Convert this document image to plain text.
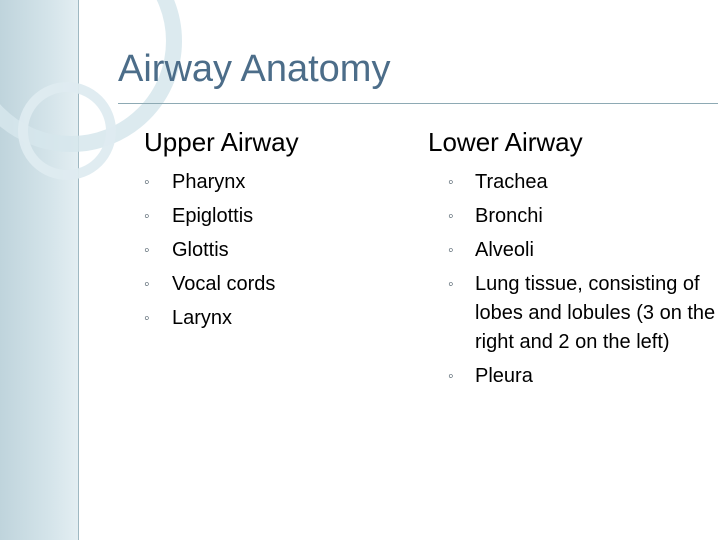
Airway Anatomy
Upper Airway
◦ Pharynx
◦ Epiglottis
◦ Glottis
◦ Vocal cords
◦ Larynx
Lower Airway
◦ Trachea
◦ Bronchi
◦ Alveoli
◦ Lung tissue, consisting of lobes and lobules (3 on the right and 2 on the left)
◦ Pleura
